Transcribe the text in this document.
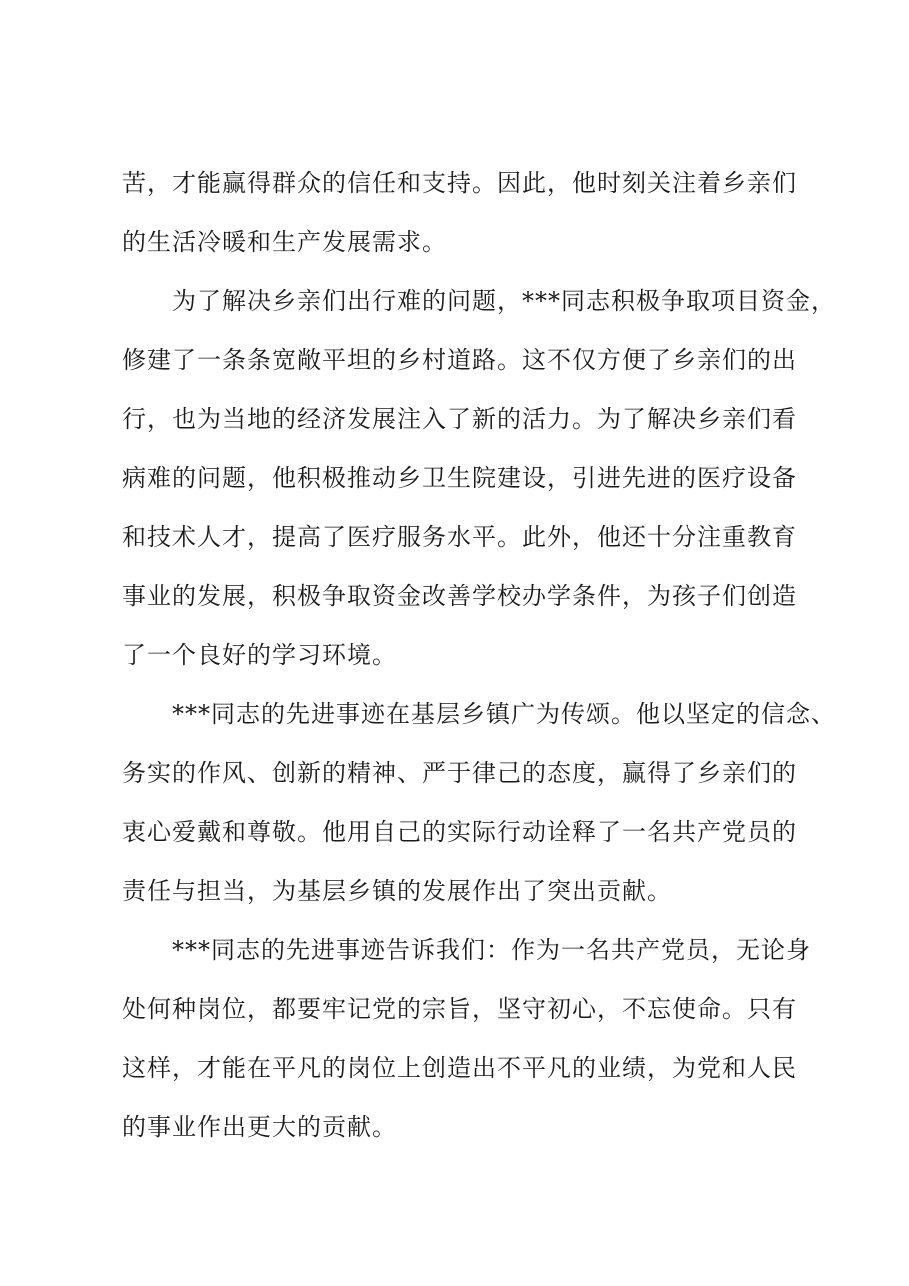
苦，才能赢得群众的信任和支持。因此，他时刻关注着乡亲们
的生活冷暖和生产发展需求。
为了解决乡亲们出行难的问题，***同志积极争取项目资金，
修建了一条条宽敞平坦的乡村道路。这不仅方便了乡亲们的出
行，也为当地的经济发展注入了新的活力。为了解决乡亲们看
病难的问题，他积极推动乡卫生院建设，引进先进的医疗设备
和技术人才，提高了医疗服务水平。此外，他还十分注重教育
事业的发展，积极争取资金改善学校办学条件，为孩子们创造
了一个良好的学习环境。
***同志的先进事迹在基层乡镇广为传颂。他以坚定的信念、
务实的作风、创新的精神、严于律己的态度，赢得了乡亲们的
衷心爱戴和尊敬。他用自己的实际行动诠释了一名共产党员的
责任与担当，为基层乡镇的发展作出了突出贡献。
***同志的先进事迹告诉我们：作为一名共产党员，无论身
处何种岗位，都要牢记党的宗旨，坚守初心，不忘使命。只有
这样，才能在平凡的岗位上创造出不平凡的业绩，为党和人民
的事业作出更大的贡献。
